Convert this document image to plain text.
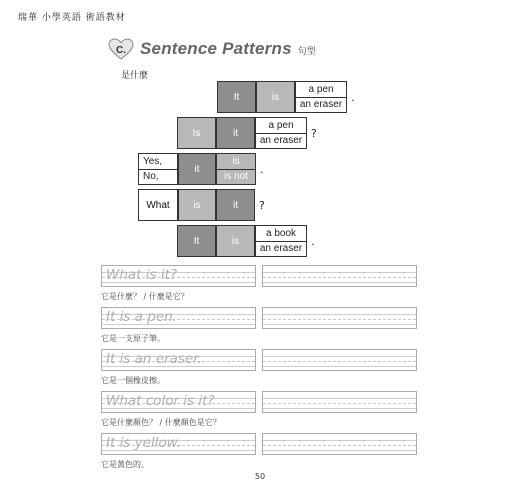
瑞華 小學英語 術語教材
C. Sentence Patterns 句型
是什麼
It	is
a pen
an eraser
.
Is	it
a pen
an eraser
?
Yes,
No,
it
is
is not
.
What	is	it	?
It	is
a book
an eraser
.
What is it?
它是什麼？ / 什麼是它？
It is a pen.
它是一支原子筆。
It is an eraser.
它是一個橡皮擦。
What color is it?
它是什麼顏色？ / 什麼顏色是它？
It is yellow.
它是黃色的。
50
